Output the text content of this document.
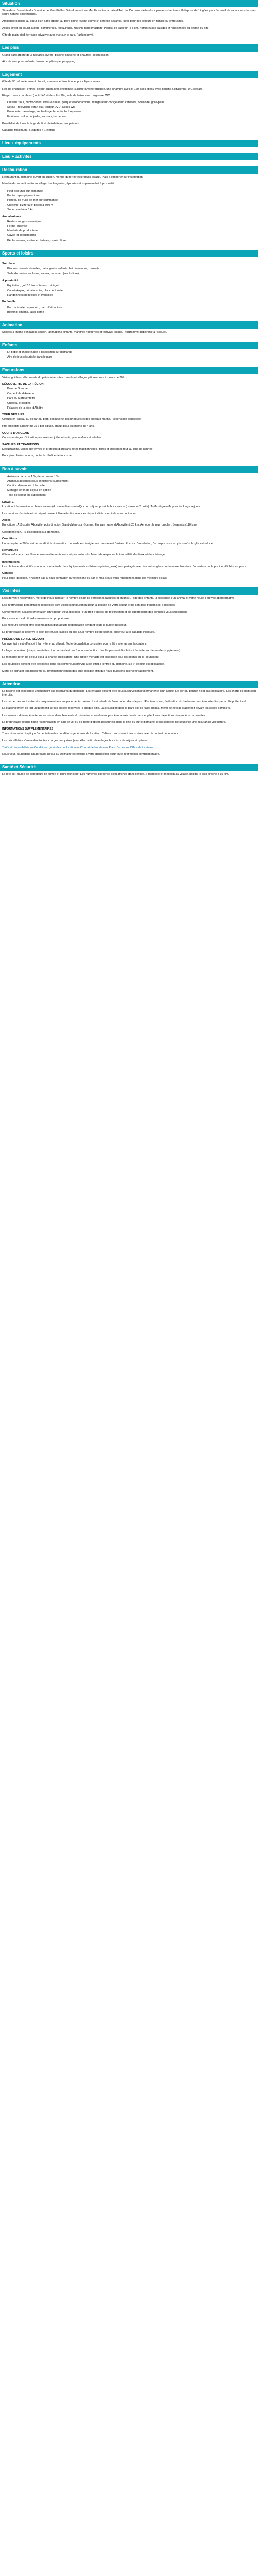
Situation

Situé dans l'enceinte du Domaine de Vers Pielles Saint-Laurent sur Mer Il domine la baie d'Ault. Le Domaine s'étend sur plusieurs hectares. Il dispose de 14 gîtes pour l'accueil de vacanciers dans un cadre naturel exceptionnel.

Ambiance paisible au cœur d'un parc arboré, au bord d'une rivière, calme et sérénité garantis. Idéal pour des séjours en famille ou entre amis.

Accès direct au bourg à pied : commerces, restaurants, marché hebdomadaire. Plages de sable fin à 5 km. Nombreuses balades et randonnées au départ du gîte.

Gîte de plain-pied, terrasse privative avec vue sur le parc. Parking privé.

Les plus

Grand parc arboré de 3 hectares, rivière, piscine couverte et chauffée (selon saison).

Aire de jeux pour enfants, terrain de pétanque, ping-pong.

Logement

Gîte de 90 m² entièrement rénové, lumineux et fonctionnel pour 6 personnes.

Rez-de-chaussée : entrée, séjour-salon avec cheminée, cuisine ouverte équipée, une chambre avec lit 160, salle d'eau avec douche à l'italienne, WC séparé.

Étage : deux chambres (un lit 140 et deux lits 90), salle de bains avec baignoire, WC.

• Cuisine : four, micro-ondes, lave-vaisselle, plaque vitrocéramique, réfrigérateur-congélateur, cafetière, bouilloire, grille-pain
• Séjour : télévision écran plat, lecteur DVD, accès WiFi
• Buanderie : lave-linge, sèche-linge, fer et table à repasser
• Extérieur : salon de jardin, transats, barbecue

Possibilité de louer le linge de lit et de toilette en supplément.

Capacité maximum : 6 adultes + 1 enfant

Lieu + équipements
Lieu + activités
Restauration

Restaurant du domaine ouvert en saison, menus du terroir et produits locaux. Plats à emporter sur réservation.

Marché du samedi matin au village, boulangeries, épiceries et supermarché à proximité.

• Petit-déjeuner sur demande
• Panier repas pique-nique
• Plateau de fruits de mer sur commande
• Crêperie, pizzeria et bistrot à 500 m
• Supermarché à 3 km
Aux alentours
• Restaurant gastronomique
• Ferme auberge
• Marchés de producteurs
• Caves et dégustations
• Pêche en mer, sorties en bateau, ostréiculture
Sports et loisirs
Sur place
• Piscine couverte chauffée, pataugeoire enfants, bain à remous, transats
• Salle de remise en forme, sauna, hammam (accès libre)
À proximité
• Équitation, golf 18 trous, tennis, mini-golf
• Canoë-kayak, pédalo, voile, planche à voile
• Randonnées pédestres et cyclables
En famille
• Parc animalier, aquarium, parc d'attractions
• Bowling, cinéma, laser game
Animation

Soirées à thème pendant la saison, animations enfants, marchés nocturnes et festivals locaux. Programme disponible à l'accueil.

Enfants
• Lit bébé et chaise haute à disposition sur demande
• Aire de jeux sécurisée dans le parc
Excursions

Visites guidées, découverte du patrimoine, sites classés et villages pittoresques à moins de 30 km.

DÉCOUVERTE DE LA RÉGION
• Baie de Somme
• Cathédrale d'Amiens
• Parc du Marquenterre
• Château et jardins
• Falaises de la côte d'Albâtre
TOUR DES ÎLES

Circuits en bateau au départ du port, découverte des phoques et des oiseaux marins. Réservation conseillée.

Prix indicatifs à partir de 25 € par adulte, gratuit pour les moins de 4 ans.

COURS D'ANGLAIS

Cours ou stages d'initiation proposés en juillet et août, pour enfants et adultes.

SAVEURS ET TRADITIONS

Dégustations, visites de fermes et d'ateliers d'artisans, fêtes traditionnelles, foires et brocantes tout au long de l'année.

Pour plus d'informations, contactez l'office de tourisme.

Bon à savoir
• Arrivée à partir de 16h, départ avant 10h
• Animaux acceptés sous conditions (supplément)
• Caution demandée à l'arrivée
• Ménage de fin de séjour en option
• Taxe de séjour en supplément
LUXOTE

Location à la semaine en haute saison (du samedi au samedi), court séjour possible hors saison (minimum 2 nuits). Tarifs dégressifs pour les longs séjours.

Les horaires d'arrivée et de départ peuvent être adaptés selon les disponibilités, merci de nous contacter.

Accès

En voiture : A16 sortie Abbeville, puis direction Saint-Valery-sur-Somme. En train : gare d'Abbeville à 20 km. Aéroport le plus proche : Beauvais (110 km).

Coordonnées GPS disponibles sur demande.

Conditions

Un acompte de 30 % est demandé à la réservation. Le solde est à régler un mois avant l'arrivée. En cas d'annulation, l'acompte reste acquis sauf si le gîte est reloué.

Remarques

Gîte non-fumeur. Les fêtes et rassemblements ne sont pas autorisés. Merci de respecter la tranquillité des lieux et du voisinage.

Informations

Les photos et descriptifs sont non contractuels. Les équipements extérieurs (piscine, jeux) sont partagés avec les autres gîtes du domaine. Horaires d'ouverture de la piscine affichés sur place.

Contact

Pour toute question, n'hésitez pas à nous contacter par téléphone ou par e-mail. Nous vous répondrons dans les meilleurs délais.

Vos infos

Lors de votre réservation, merci de nous indiquer le nombre exact de personnes (adultes et enfants), l'âge des enfants, la présence d'un animal et votre heure d'arrivée approximative.

Les informations personnelles recueillies sont utilisées uniquement pour la gestion de votre séjour et ne sont pas transmises à des tiers.

Conformément à la réglementation en vigueur, vous disposez d'un droit d'accès, de rectification et de suppression des données vous concernant.

Pour exercer ce droit, adressez-vous au propriétaire.

Les mineurs doivent être accompagnés d'un adulte responsable pendant toute la durée du séjour.

Le propriétaire se réserve le droit de refuser l'accès au gîte à un nombre de personnes supérieur à la capacité indiquée.

PRÉCISIONS SUR LE SÉJOUR

Un inventaire est effectué à l'arrivée et au départ. Toute dégradation constatée pourra être retenue sur la caution.

Le linge de maison (draps, serviettes, torchons) n'est pas fourni sauf option. Les lits peuvent être faits à l'arrivée sur demande (supplément).

Le ménage de fin de séjour est à la charge du locataire. Une option ménage est proposée pour les clients qui le souhaitent.

Les poubelles doivent être déposées dans les conteneurs prévus à cet effet à l'entrée du domaine. Le tri sélectif est obligatoire.

Merci de signaler tout problème ou dysfonctionnement dès que possible afin que nous puissions intervenir rapidement.

Attention

La piscine est accessible uniquement aux locataires du domaine. Les enfants doivent être sous la surveillance permanente d'un adulte. Le port du bonnet n'est pas obligatoire. Les shorts de bain sont interdits.

Les barbecues sont autorisés uniquement aux emplacements prévus. Il est interdit de faire du feu dans le parc. Par temps sec, l'utilisation du barbecue peut être interdite par arrêté préfectoral.

Le stationnement se fait uniquement sur les places réservées à chaque gîte. La circulation dans le parc doit se faire au pas. Merci de ne pas stationner devant les accès pompiers.

Les animaux doivent être tenus en laisse dans l'enceinte du domaine et ne doivent pas être laissés seuls dans le gîte. Leurs déjections doivent être ramassées.

Le propriétaire décline toute responsabilité en cas de vol ou de perte d'objets personnels dans le gîte ou sur le domaine. Il est conseillé de souscrire une assurance villégiature.

INFORMATIONS SUPPLÉMENTAIRES

Toute réservation implique l'acceptation des conditions générales de location. Celles-ci vous seront transmises avec le contrat de location.

Les prix affichés s'entendent toutes charges comprises (eau, électricité, chauffage), hors taxe de séjour et options.

Tarifs et disponibilités — Conditions générales de location — Contrat de location — Plan d'accès — Office de tourisme

Nous vous souhaitons un agréable séjour au Domaine et restons à votre disposition pour toute information complémentaire.

Santé et Sécurité

Le gîte est équipé de détecteurs de fumée et d'un extincteur. Les numéros d'urgence sont affichés dans l'entrée. Pharmacie et médecin au village, hôpital le plus proche à 15 km.
